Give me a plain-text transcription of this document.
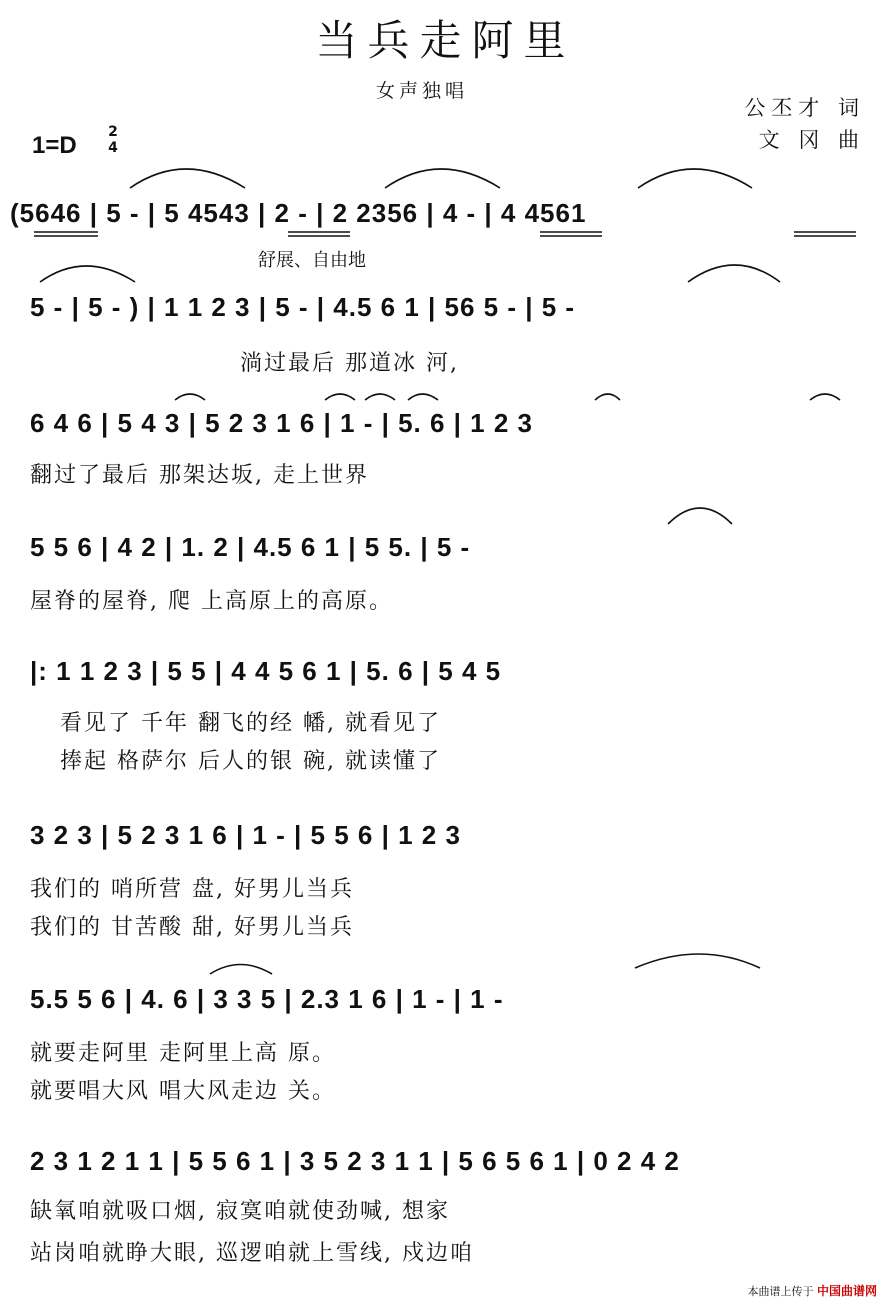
当兵走阿里
女声独唱
公丕才 词
文 冈 曲
1=D 2
4
舒展、自由地
(5646 | 5 - | 5 4543 | 2 - | 2 2356 | 4 - | 4 4561
5 - | 5 - ) | 1 1 2 3 | 5 - | 4.5 6 1 | 56 5 - | 5 -
淌过最后 那道冰 河,
6 4 6 | 5 4 3 | 5 2 3 1 6 | 1 - | 5. 6 | 1 2 3
翻过了最后 那架达坂, 走上世界
5 5 6 | 4 2 | 1. 2 | 4.5 6 1 | 5 5. | 5 -
屋脊的屋脊, 爬 上高原上的高原。
|: 1 1 2 3 | 5 5 | 4 4 5 6 1 | 5. 6 | 5 4 5
看见了 千年 翻飞的经 幡, 就看见了
捧起 格萨尔 后人的银 碗, 就读懂了
3 2 3 | 5 2 3 1 6 | 1 - | 5 5 6 | 1 2 3
我们的 哨所营 盘, 好男儿当兵
我们的 甘苦酸 甜, 好男儿当兵
5.5 5 6 | 4. 6 | 3 3 5 | 2.3 1 6 | 1 - | 1 -
就要走阿里 走阿里上高 原。
就要唱大风 唱大风走边 关。
2 3 1 2 1 1 | 5 5 6 1 | 3 5 2 3 1 1 | 5 6 5 6 1 | 0 2 4 2
缺氧咱就吸口烟, 寂寞咱就使劲喊, 想家
站岗咱就睁大眼, 巡逻咱就上雪线, 戍边咱
本曲谱上传于 中国曲谱网
